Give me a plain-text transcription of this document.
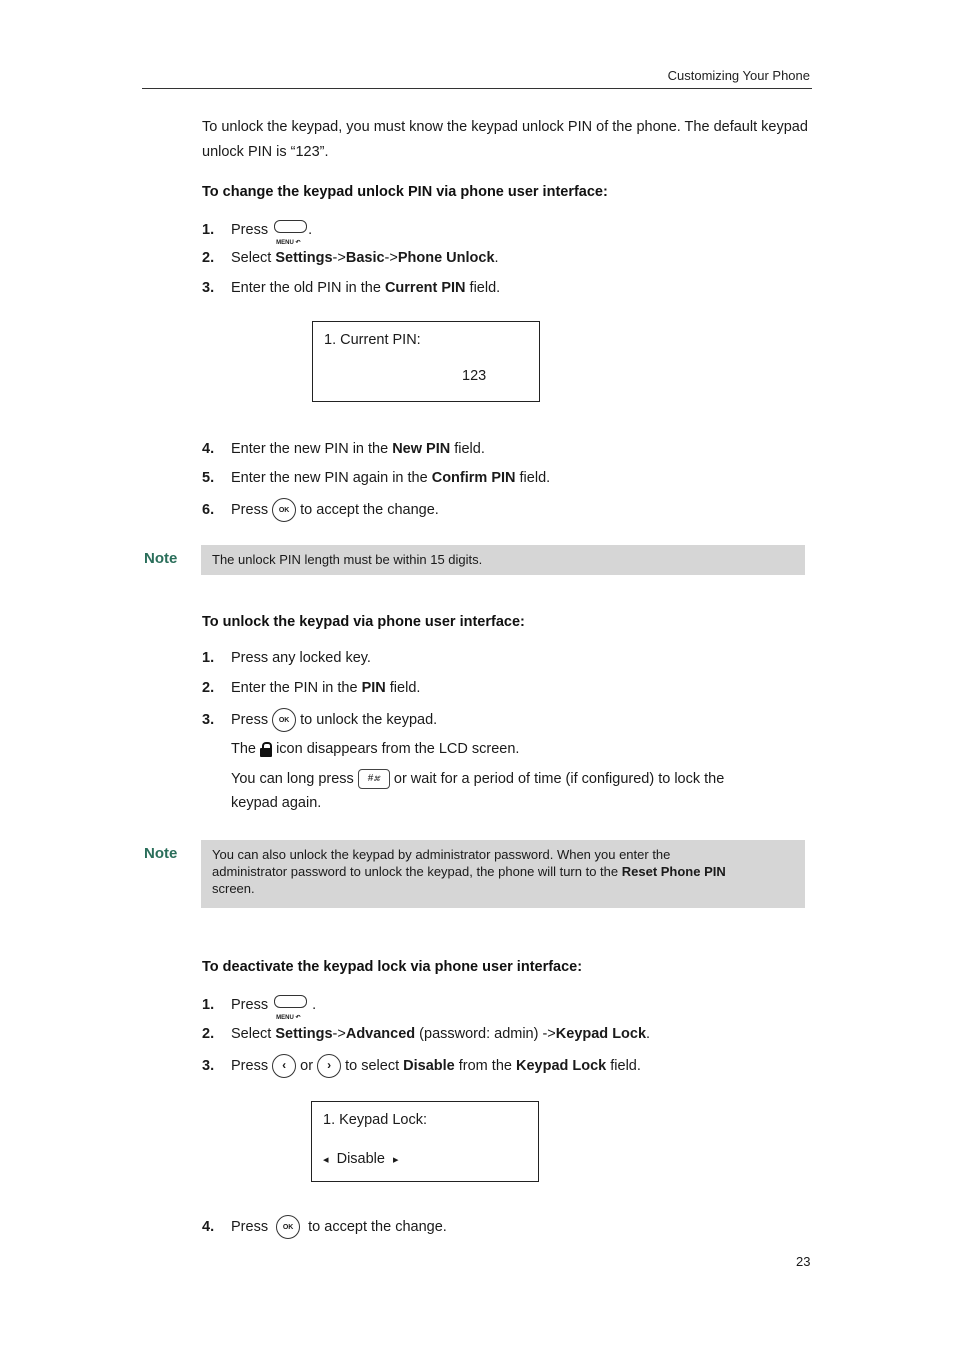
Customizing Your Phone
To unlock the keypad, you must know the keypad unlock PIN of the phone. The default keypad unlock PIN is “123”.
To change the keypad unlock PIN via phone user interface:
1. Press
MENU ↶
.
2. Select Settings->Basic->Phone Unlock.
3. Enter the old PIN in the Current PIN field.
1. Current PIN:
123
4. Enter the new PIN in the New PIN field.
5. Enter the new PIN again in the Confirm PIN field.
6. Press OK to accept the change.
Note	The unlock PIN length must be within 15 digits.
To unlock the keypad via phone user interface:
1. Press any locked key.
2. Enter the PIN in the PIN field.
3. Press OK to unlock the keypad.
The icon disappears from the LCD screen.
You can long press #⌘ or wait for a period of time (if configured) to lock the
keypad again.
Note	You can also unlock the keypad by administrator password. When you enter the
administrator password to unlock the keypad, the phone will turn to the Reset Phone PIN
screen.
To deactivate the keypad lock via phone user interface:
1. Press
MENU ↶
.
2. Select Settings->Advanced (password: admin) ->Keypad Lock.
3. Press ‹ or › to select Disable from the Keypad Lock field.
1. Keypad Lock:
◂ Disable ▸
4. Press OK to accept the change.
23
